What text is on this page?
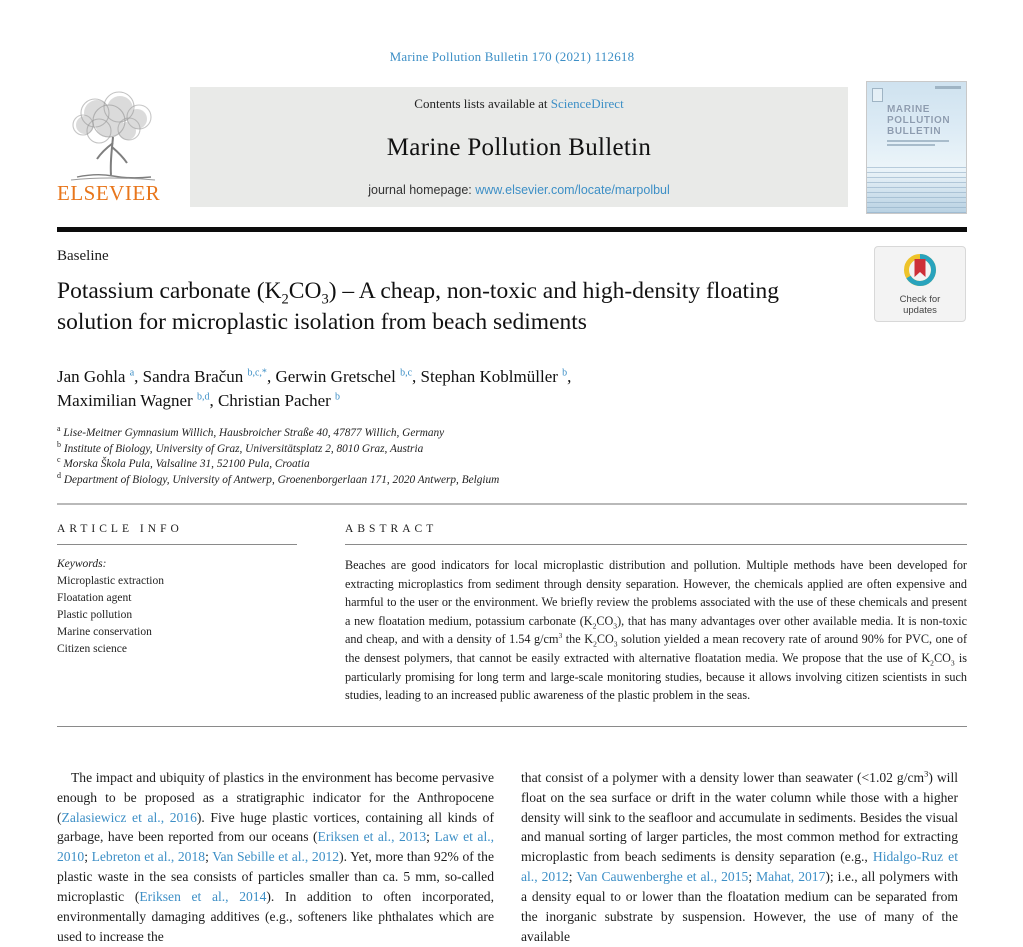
Marine Pollution Bulletin 170 (2021) 112618
ELSEVIER
Contents lists available at ScienceDirect
Marine Pollution Bulletin
journal homepage: www.elsevier.com/locate/marpolbul
MARINE
POLLUTION
BULLETIN
Baseline
Check for
updates
Potassium carbonate $(K_2CO_3)$ – A cheap, non-toxic and high-density floating solution for microplastic isolation from beach sediments
Jan Gohla $^a$, Sandra Bračun $^{b,c,*}$, Gerwin Gretschel $^{b,c}$, Stephan Koblmüller $^b$,
Maximilian Wagner $^{b,d}$, Christian Pacher $^b$
$^a$ Lise-Meitner Gymnasium Willich, Hausbroicher Straße 40, 47877 Willich, Germany
$^b$ Institute of Biology, University of Graz, Universitätsplatz 2, 8010 Graz, Austria
$^c$ Morska Škola Pula, Valsaline 31, 52100 Pula, Croatia
$^d$ Department of Biology, University of Antwerp, Groenenborgerlaan 171, 2020 Antwerp, Belgium
ARTICLE INFO
Keywords:
Microplastic extraction
Floatation agent
Plastic pollution
Marine conservation
Citizen science
ABSTRACT
Beaches are good indicators for local microplastic distribution and pollution. Multiple methods have been developed for extracting microplastics from sediment through density separation. However, the chemicals applied are often expensive and harmful to the user or the environment. We briefly review the problems associated with the use of these chemicals and present a new floatation medium, potassium carbonate $(K_2CO_3)$, that has many advantages over other available media. It is non-toxic and cheap, and with a density of 1.54 $g/cm^3$ the $K_2CO_3$ solution yielded a mean recovery rate of around 90% for PVC, one of the densest polymers, that cannot be easily extracted with alternative floatation media. We propose that the use of $K_2CO_3$ is particularly promising for long term and large-scale monitoring studies, because it allows involving citizen scientists in such studies, leading to an increased public awareness of the plastic problem in the seas.
The impact and ubiquity of plastics in the environment has become pervasive enough to be proposed as a stratigraphic indicator for the Anthropocene (Zalasiewicz et al., 2016). Five huge plastic vortices, containing all kinds of garbage, have been reported from our oceans (Eriksen et al., 2013; Law et al., 2010; Lebreton et al., 2018; Van Sebille et al., 2012). Yet, more than 92% of the plastic waste in the sea consists of particles smaller than ca. 5 mm, so-called microplastic (Eriksen et al., 2014). In addition to often incorporated, environmentally damaging additives (e.g., softeners like phthalates which are used to increase the
that consist of a polymer with a density lower than seawater (<1.02 $g/cm^3$) will float on the sea surface or drift in the water column while those with a higher density will sink to the seafloor and accumulate in sediments. Besides the visual and manual sorting of larger particles, the most common method for extracting microplastic from beach sediments is density separation (e.g., Hidalgo-Ruz et al., 2012; Van Cauwenberghe et al., 2015; Mahat, 2017); i.e., all polymers with a density equal to or lower than the floatation medium can be separated from the inorganic substrate by suspension. However, the use of many of the available
